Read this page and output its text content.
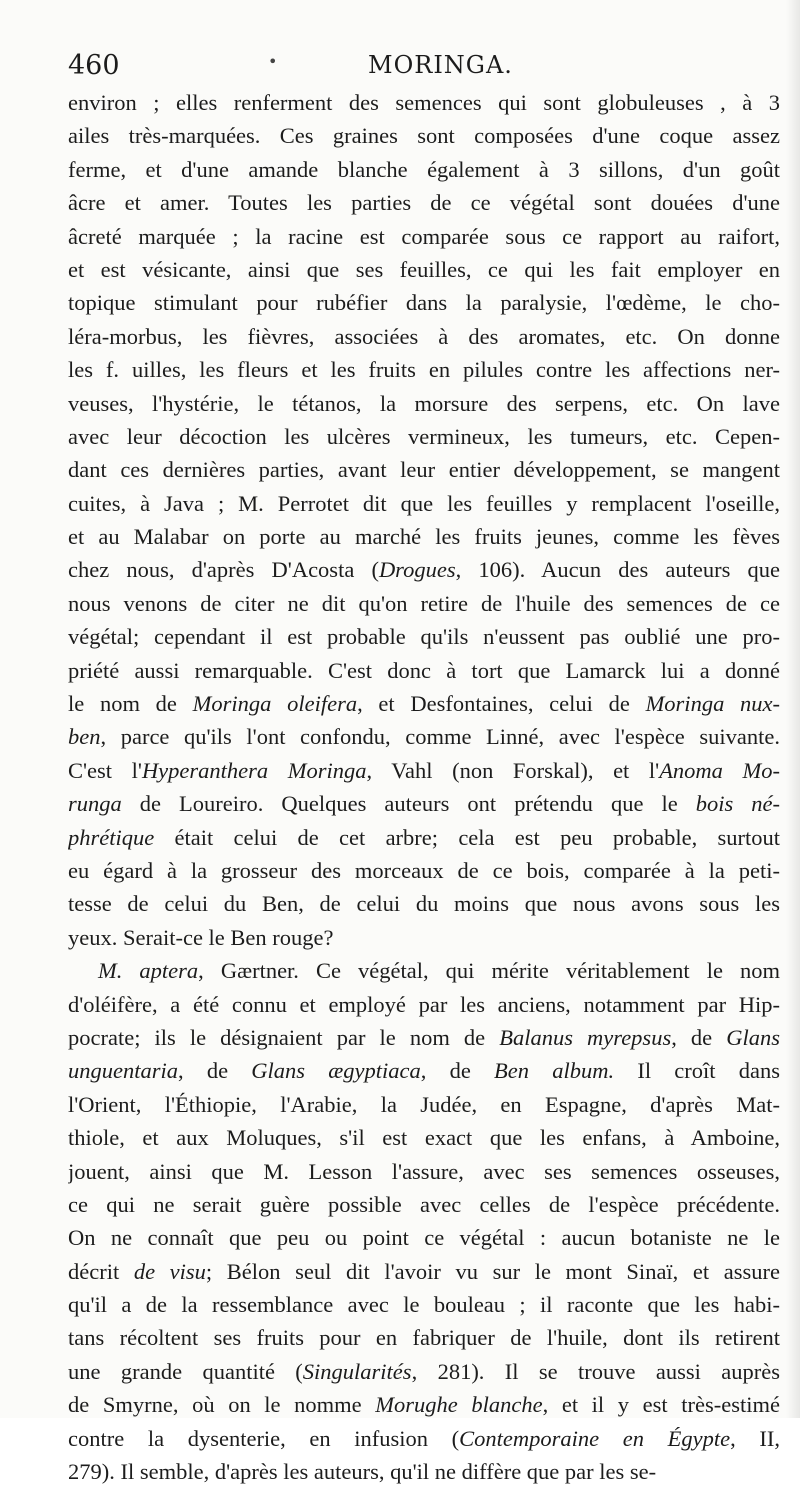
460	•	MORINGA.
environ ; elles renferment des semences qui sont globuleuses , à 3
ailes très-marquées. Ces graines sont composées d'une coque assez
ferme, et d'une amande blanche également à 3 sillons, d'un goût
âcre et amer. Toutes les parties de ce végétal sont douées d'une
âcreté marquée ; la racine est comparée sous ce rapport au raifort,
et est vésicante, ainsi que ses feuilles, ce qui les fait employer en
topique stimulant pour rubéfier dans la paralysie, l'œdème, le cho-
léra-morbus, les fièvres, associées à des aromates, etc. On donne
les f. uilles, les fleurs et les fruits en pilules contre les affections ner-
veuses, l'hystérie, le tétanos, la morsure des serpens, etc. On lave
avec leur décoction les ulcères vermineux, les tumeurs, etc. Cepen-
dant ces dernières parties, avant leur entier développement, se mangent
cuites, à Java ; M. Perrotet dit que les feuilles y remplacent l'oseille,
et au Malabar on porte au marché les fruits jeunes, comme les fèves
chez nous, d'après D'Acosta (Drogues, 106). Aucun des auteurs que
nous venons de citer ne dit qu'on retire de l'huile des semences de ce
végétal; cependant il est probable qu'ils n'eussent pas oublié une pro-
priété aussi remarquable. C'est donc à tort que Lamarck lui a donné
le nom de Moringa oleifera, et Desfontaines, celui de Moringa nux-
ben, parce qu'ils l'ont confondu, comme Linné, avec l'espèce suivante.
C'est l'Hyperanthera Moringa, Vahl (non Forskal), et l'Anoma Mo-
runga de Loureiro. Quelques auteurs ont prétendu que le bois né-
phrétique était celui de cet arbre; cela est peu probable, surtout
eu égard à la grosseur des morceaux de ce bois, comparée à la peti-
tesse de celui du Ben, de celui du moins que nous avons sous les
yeux. Serait-ce le Ben rouge?
M. aptera, Gærtner. Ce végétal, qui mérite véritablement le nom
d'oléifère, a été connu et employé par les anciens, notamment par Hip-
pocrate; ils le désignaient par le nom de Balanus myrepsus, de Glans
unguentaria, de Glans ægyptiaca, de Ben album. Il croît dans
l'Orient, l'Éthiopie, l'Arabie, la Judée, en Espagne, d'après Mat-
thiole, et aux Moluques, s'il est exact que les enfans, à Amboine,
jouent, ainsi que M. Lesson l'assure, avec ses semences osseuses,
ce qui ne serait guère possible avec celles de l'espèce précédente.
On ne connaît que peu ou point ce végétal : aucun botaniste ne le
décrit de visu; Bélon seul dit l'avoir vu sur le mont Sinaï, et assure
qu'il a de la ressemblance avec le bouleau ; il raconte que les habi-
tans récoltent ses fruits pour en fabriquer de l'huile, dont ils retirent
une grande quantité (Singularités, 281). Il se trouve aussi auprès
de Smyrne, où on le nomme Morughe blanche, et il y est très-estimé
contre la dysenterie, en infusion (Contemporaine en Égypte, II,
279). Il semble, d'après les auteurs, qu'il ne diffère que par les se-
